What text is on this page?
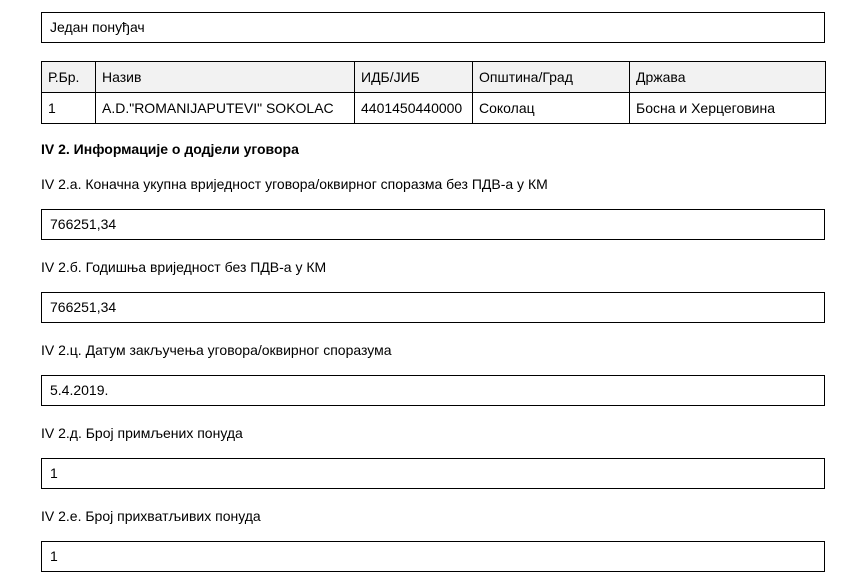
Један понуђач
Р.Бр.	Назив	ИДБ/ЈИБ	Општина/Град	Држава
1	A.D."ROMANIJAPUTEVI" SOKOLAC	4401450440000	Соколац	Босна и Херцеговина
IV 2. Информације о додјели уговора
IV 2.а. Коначна укупна вриједност уговора/оквирног споразма без ПДВ-а у КМ
766251,34
IV 2.б. Годишња вриједност без ПДВ-а у КМ
766251,34
IV 2.ц. Датум закључења уговора/оквирног споразума
5.4.2019.
IV 2.д. Број примљених понуда
1
IV 2.е. Број прихватљивих понуда
1
